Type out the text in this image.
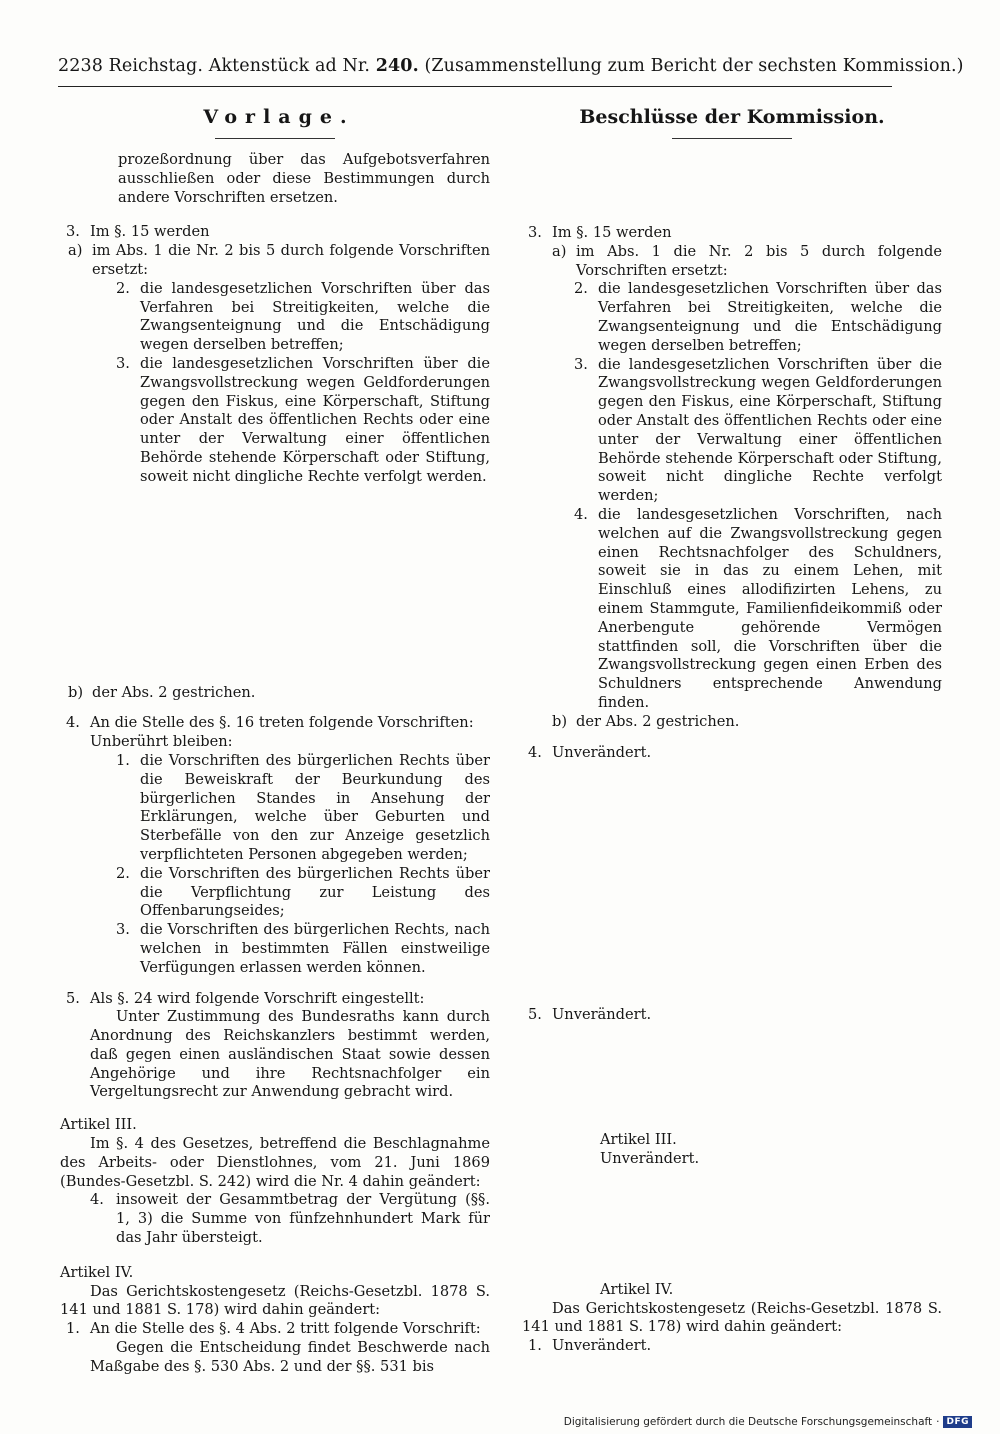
2238 Reichstag. Aktenstück ad Nr. 240. (Zusammenstellung zum Bericht der sechsten Kommission.)
Vorlage.

prozeßordnung über das Aufgebotsverfahren ausschließen oder diese Bestimmungen durch andere Vorschriften ersetzen.

3. Im §. 15 werden
a) im Abs. 1 die Nr. 2 bis 5 durch folgende Vorschriften ersetzt:
2. die landesgesetzlichen Vorschriften über das Verfahren bei Streitigkeiten, welche die Zwangsenteignung und die Entschädigung wegen derselben betreffen;
3. die landesgesetzlichen Vorschriften über die Zwangsvollstreckung wegen Geldforderungen gegen den Fiskus, eine Körperschaft, Stiftung oder Anstalt des öffentlichen Rechts oder eine unter der Verwaltung einer öffentlichen Behörde stehende Körperschaft oder Stiftung, soweit nicht dingliche Rechte verfolgt werden.
b) der Abs. 2 gestrichen.
4. An die Stelle des §. 16 treten folgende Vorschriften:

Unberührt bleiben:

1. die Vorschriften des bürgerlichen Rechts über die Beweiskraft der Beurkundung des bürgerlichen Standes in Ansehung der Erklärungen, welche über Geburten und Sterbefälle von den zur Anzeige gesetzlich verpflichteten Personen abgegeben werden;
2. die Vorschriften des bürgerlichen Rechts über die Verpflichtung zur Leistung des Offenbarungseides;
3. die Vorschriften des bürgerlichen Rechts, nach welchen in bestimmten Fällen einstweilige Verfügungen erlassen werden können.
5. Als §. 24 wird folgende Vorschrift eingestellt:

Unter Zustimmung des Bundesraths kann durch Anordnung des Reichskanzlers bestimmt werden, daß gegen einen ausländischen Staat sowie dessen Angehörige und ihre Rechtsnachfolger ein Vergeltungsrecht zur Anwendung gebracht wird.

Artikel III.

Im §. 4 des Gesetzes, betreffend die Beschlagnahme des Arbeits- oder Dienstlohnes, vom 21. Juni 1869 (Bundes-Gesetzbl. S. 242) wird die Nr. 4 dahin geändert:

4. insoweit der Gesammtbetrag der Vergütung (§§. 1, 3) die Summe von fünfzehnhundert Mark für das Jahr übersteigt.

Artikel IV.

Das Gerichtskostengesetz (Reichs-Gesetzbl. 1878 S. 141 und 1881 S. 178) wird dahin geändert:

1. An die Stelle des §. 4 Abs. 2 tritt folgende Vorschrift:

Gegen die Entscheidung findet Beschwerde nach Maßgabe des §. 530 Abs. 2 und der §§. 531 bis

Beschlüsse der Kommission.
3. Im §. 15 werden
a) im Abs. 1 die Nr. 2 bis 5 durch folgende Vorschriften ersetzt:
2. die landesgesetzlichen Vorschriften über das Verfahren bei Streitigkeiten, welche die Zwangsenteignung und die Entschädigung wegen derselben betreffen;
3. die landesgesetzlichen Vorschriften über die Zwangsvollstreckung wegen Geldforderungen gegen den Fiskus, eine Körperschaft, Stiftung oder Anstalt des öffentlichen Rechts oder eine unter der Verwaltung einer öffentlichen Behörde stehende Körperschaft oder Stiftung, soweit nicht dingliche Rechte verfolgt werden;
4. die landesgesetzlichen Vorschriften, nach welchen auf die Zwangsvollstreckung gegen einen Rechtsnachfolger des Schuldners, soweit sie in das zu einem Lehen, mit Einschluß eines allodifizirten Lehens, zu einem Stammgute, Familienfideikommiß oder Anerbengute gehörende Vermögen stattfinden soll, die Vorschriften über die Zwangsvollstreckung gegen einen Erben des Schuldners entsprechende Anwendung finden.
b) der Abs. 2 gestrichen.
4. Unverändert.
5. Unverändert.

Artikel III.

Unverändert.

Artikel IV.

Das Gerichtskostengesetz (Reichs-Gesetzbl. 1878 S. 141 und 1881 S. 178) wird dahin geändert:

1. Unverändert.
Digitalisierung gefördert durch die Deutsche Forschungsgemeinschaft · DFG
